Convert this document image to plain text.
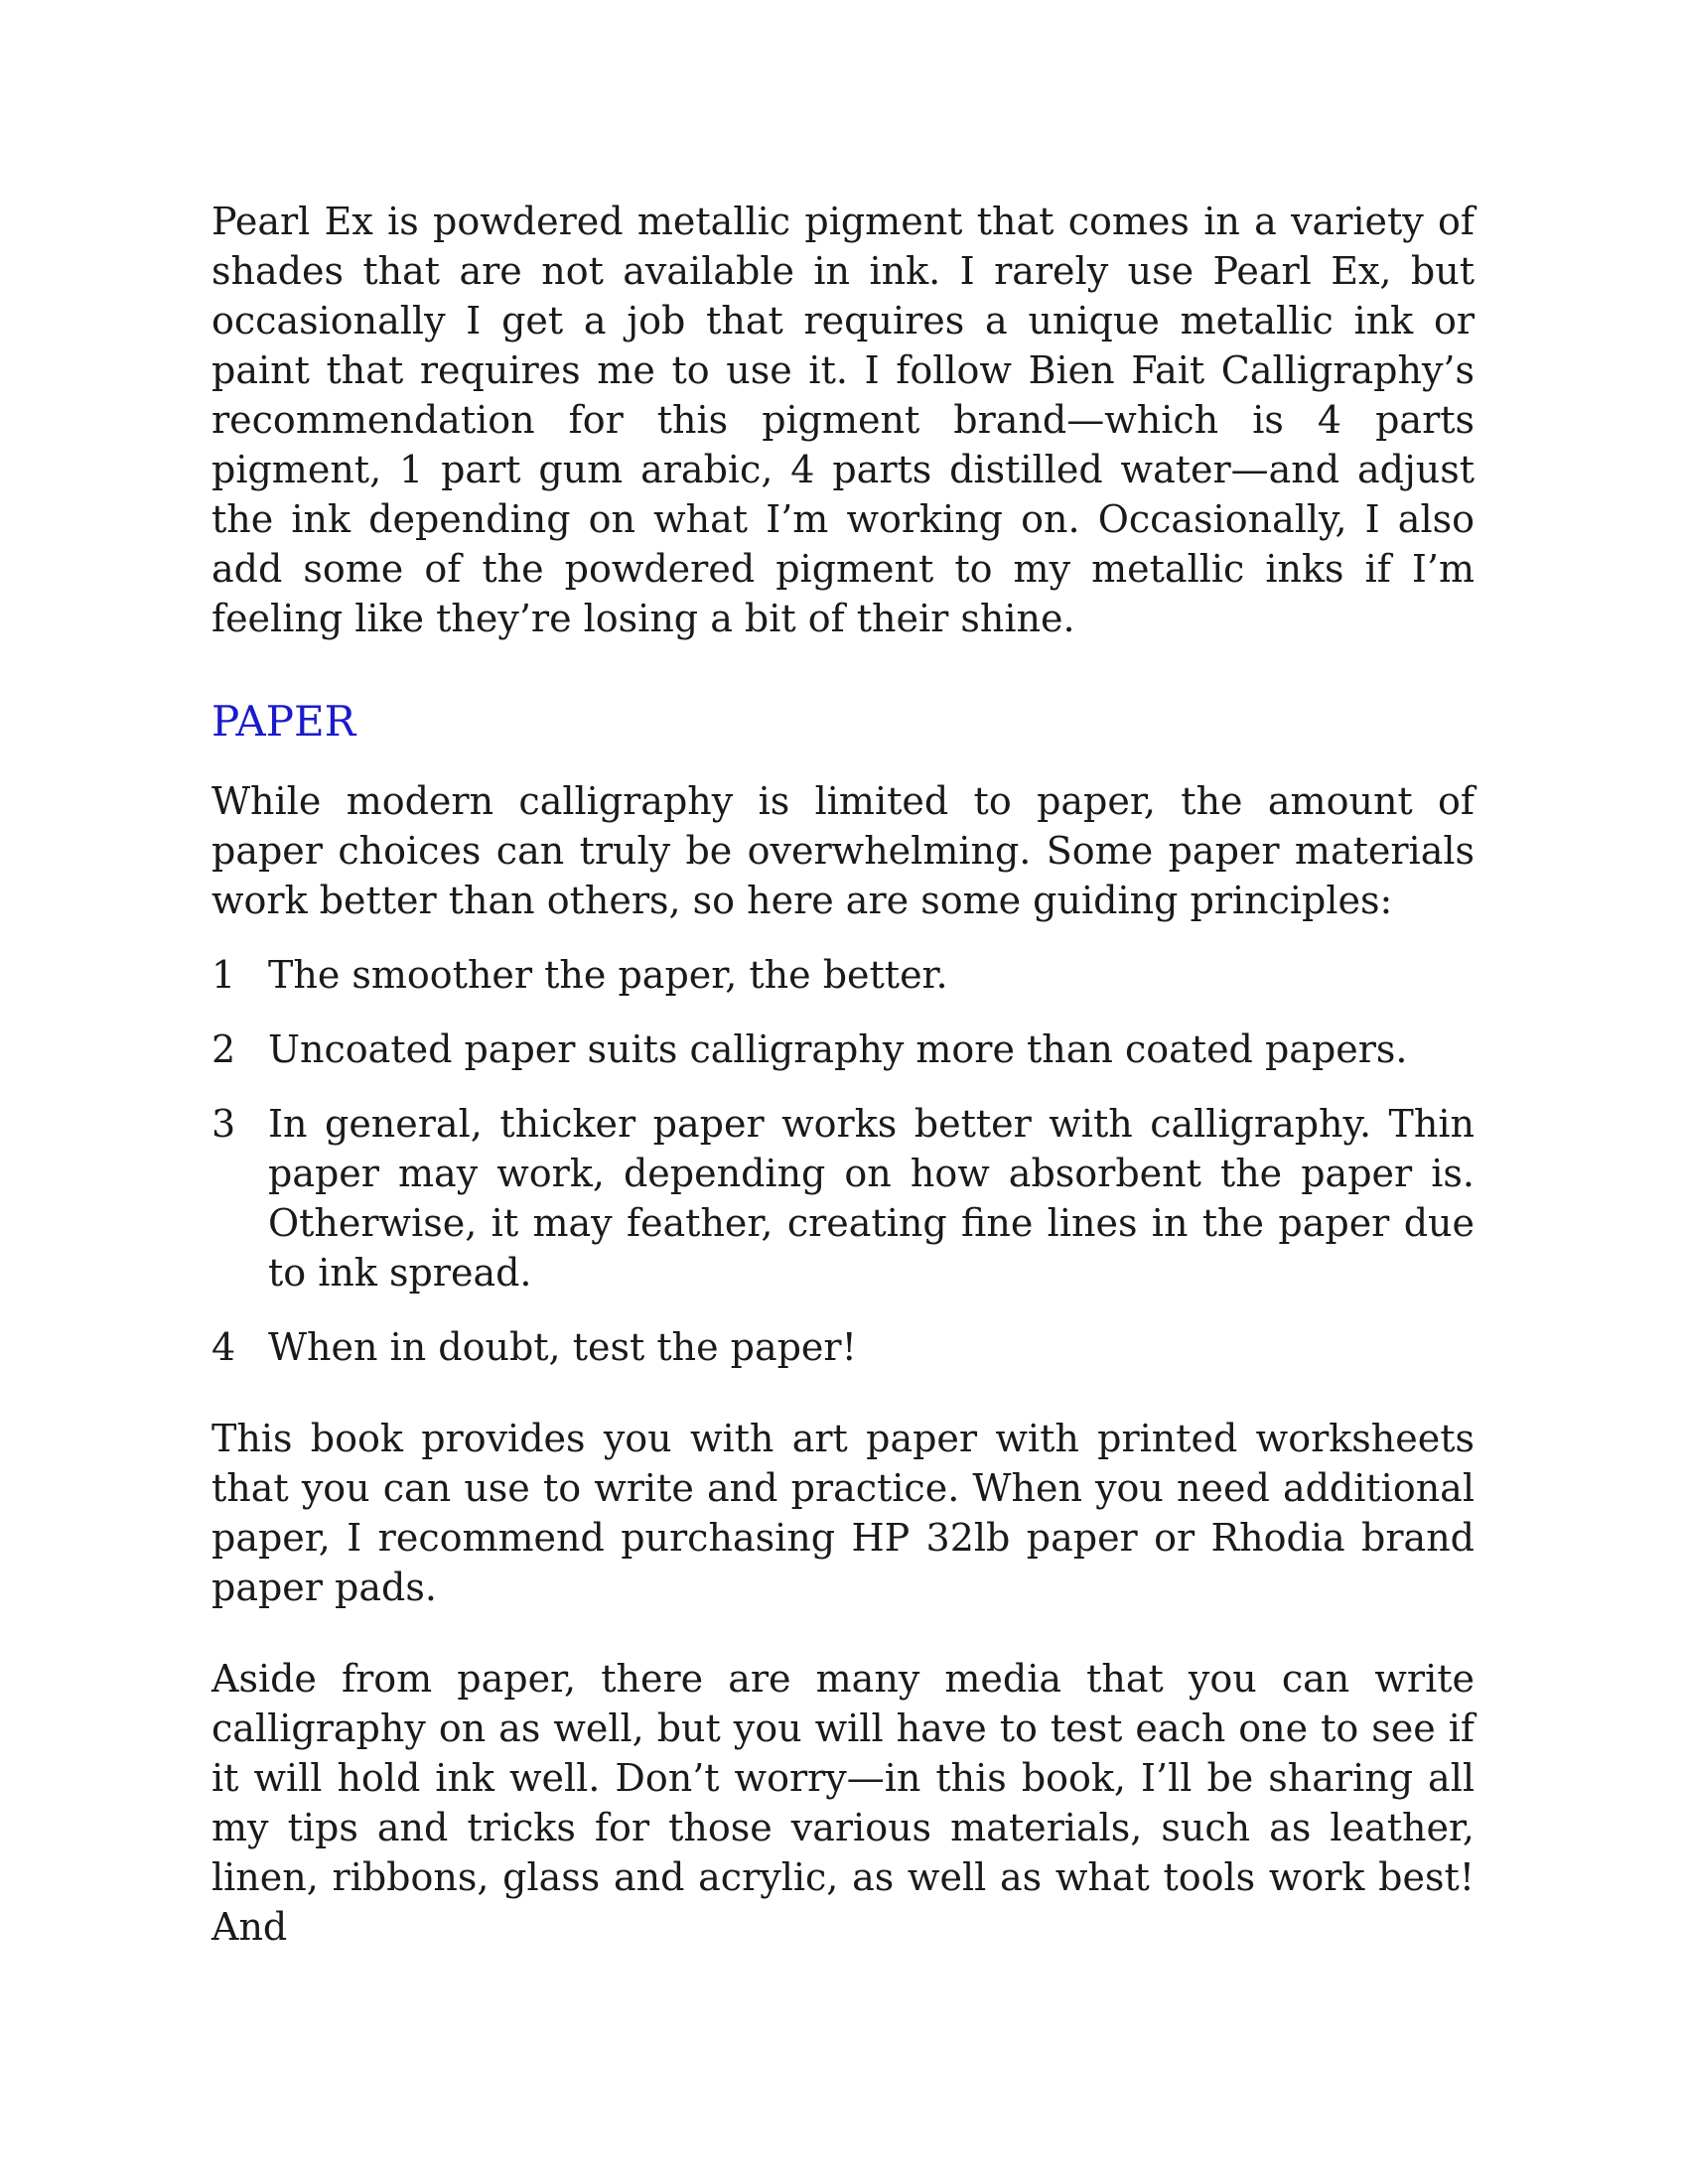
Pearl Ex is powdered metallic pigment that comes in a variety of shades that are not available in ink. I rarely use Pearl Ex, but occasionally I get a job that requires a unique metallic ink or paint that requires me to use it. I follow Bien Fait Calligraphy’s recommendation for this pigment brand—which is 4 parts pigment, 1 part gum arabic, 4 parts distilled water—and adjust the ink depending on what I’m working on. Occasionally, I also add some of the powdered pigment to my metallic inks if I’m feeling like they’re losing a bit of their shine.

PAPER

While modern calligraphy is limited to paper, the amount of paper choices can truly be overwhelming. Some paper materials work better than others, so here are some guiding principles:

1 The smoother the paper, the better.
2 Uncoated paper suits calligraphy more than coated papers.
3 In general, thicker paper works better with calligraphy. Thin paper may work, depending on how absorbent the paper is. Otherwise, it may feather, creating fine lines in the paper due to ink spread.
4 When in doubt, test the paper!

This book provides you with art paper with printed worksheets that you can use to write and practice. When you need additional paper, I recommend purchasing HP 32lb paper or Rhodia brand paper pads.

Aside from paper, there are many media that you can write calligraphy on as well, but you will have to test each one to see if it will hold ink well. Don’t worry—in this book, I’ll be sharing all my tips and tricks for those various materials, such as leather, linen, ribbons, glass and acrylic, as well as what tools work best! And
